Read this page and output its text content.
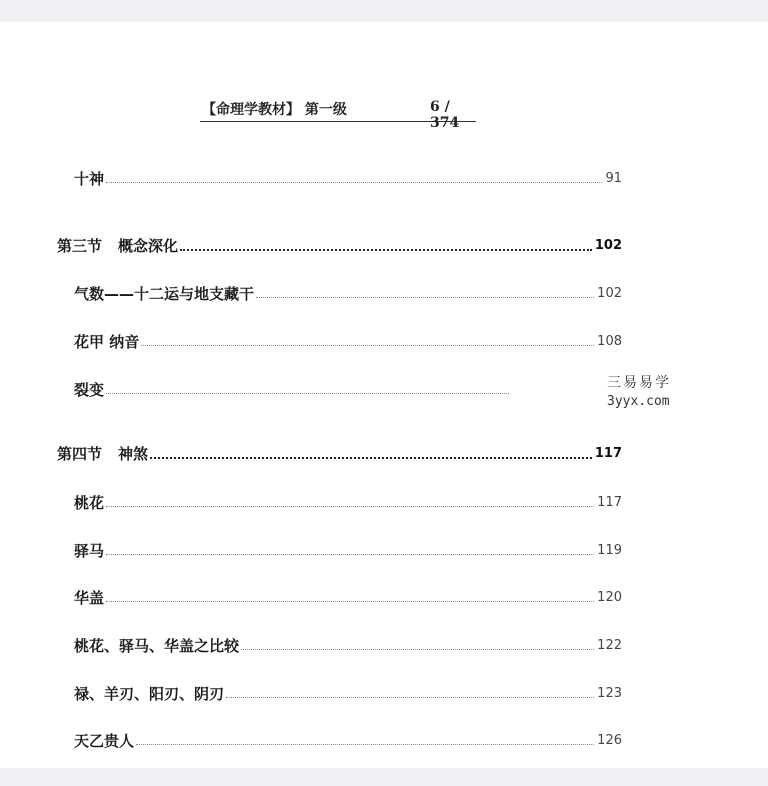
【命理学教材】 第一级	6 / 374
十神	91
第三节 概念深化	102
气数——十二运与地支藏干	102
花甲 纳音	108
裂变
第四节 神煞	117
桃花	117
驿马	119
华盖	120
桃花、驿马、华盖之比较	122
禄、羊刃、阳刃、阴刃	123
天乙贵人	126
三易易学
3yyx.com
